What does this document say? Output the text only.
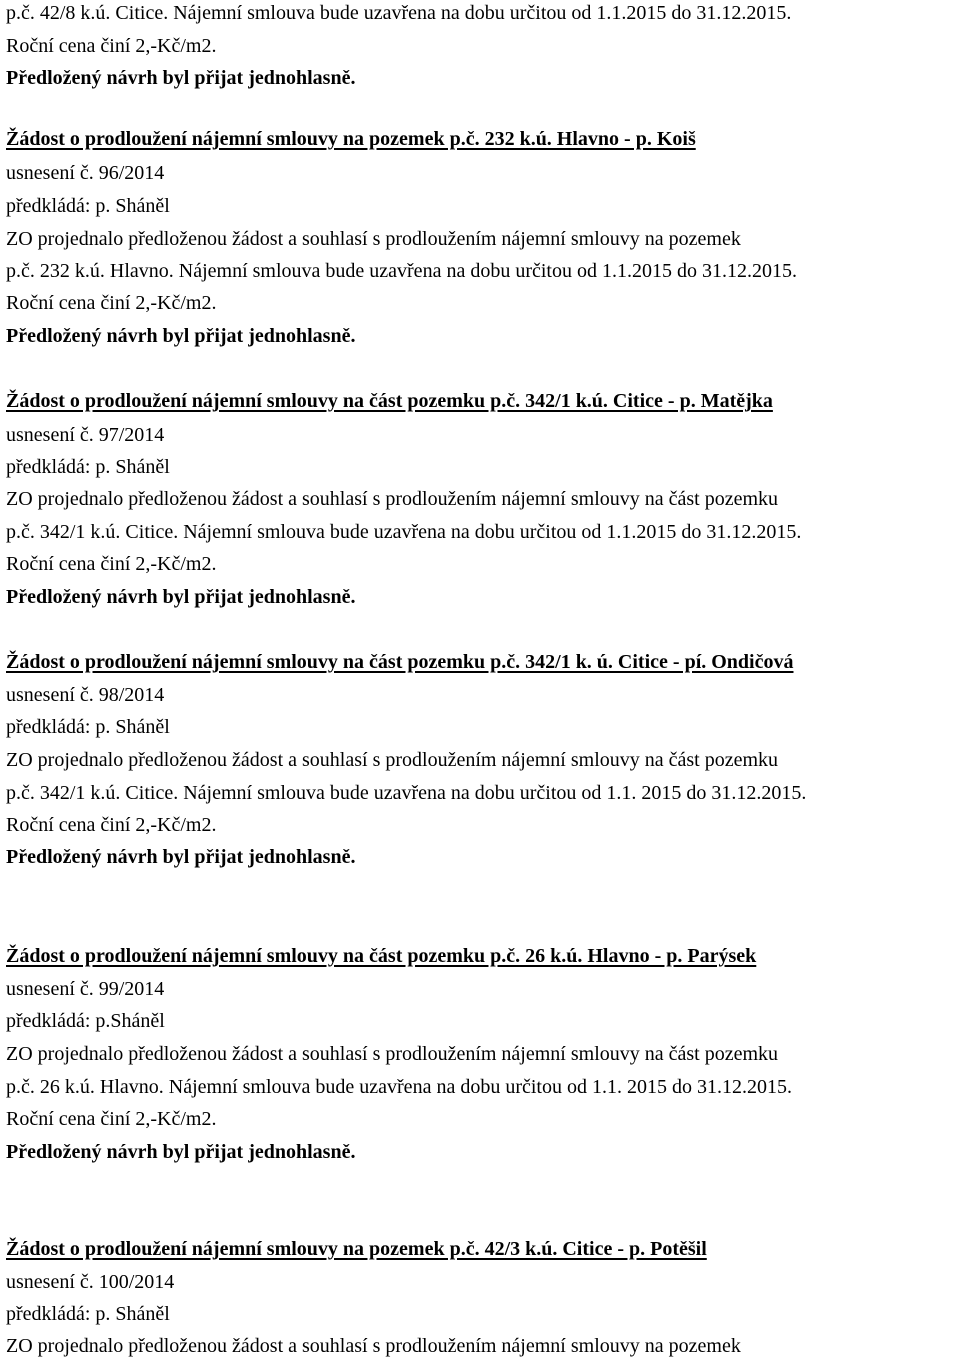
p.č. 42/8 k.ú. Citice. Nájemní smlouva bude uzavřena na dobu určitou od 1.1.2015 do 31.12.2015.
Roční cena činí 2,-Kč/m2.
Předložený návrh byl přijat jednohlasně.
Žádost o prodloužení nájemní smlouvy na pozemek p.č. 232 k.ú. Hlavno - p. Koiš
usnesení č. 96/2014
předkládá: p. Sháněl
ZO projednalo předloženou žádost a souhlasí s prodloužením nájemní smlouvy na pozemek
p.č. 232 k.ú. Hlavno. Nájemní smlouva bude uzavřena na dobu určitou od 1.1.2015 do 31.12.2015.
Roční cena činí 2,-Kč/m2.
Předložený návrh byl přijat jednohlasně.
Žádost o prodloužení nájemní smlouvy na část pozemku p.č. 342/1 k.ú. Citice - p. Matějka
usnesení č. 97/2014
předkládá: p. Sháněl
ZO projednalo předloženou žádost a souhlasí s prodloužením nájemní smlouvy na část pozemku
p.č. 342/1 k.ú. Citice. Nájemní smlouva bude uzavřena na dobu určitou od 1.1.2015 do 31.12.2015.
Roční cena činí 2,-Kč/m2.
Předložený návrh byl přijat jednohlasně.
Žádost o prodloužení nájemní smlouvy na část pozemku p.č. 342/1 k. ú. Citice - pí. Ondičová
usnesení č. 98/2014
předkládá: p. Sháněl
ZO projednalo předloženou žádost a souhlasí s prodloužením nájemní smlouvy na část pozemku
p.č. 342/1 k.ú. Citice. Nájemní smlouva bude uzavřena na dobu určitou od 1.1. 2015 do 31.12.2015.
Roční cena činí 2,-Kč/m2.
Předložený návrh byl přijat jednohlasně.
Žádost o prodloužení nájemní smlouvy na část pozemku p.č. 26 k.ú. Hlavno - p. Parýsek
usnesení č. 99/2014
předkládá: p.Sháněl
ZO projednalo předloženou žádost a souhlasí s prodloužením nájemní smlouvy na část pozemku
p.č. 26 k.ú. Hlavno. Nájemní smlouva bude uzavřena na dobu určitou od 1.1. 2015 do 31.12.2015.
Roční cena činí 2,-Kč/m2.
Předložený návrh byl přijat jednohlasně.
Žádost o prodloužení nájemní smlouvy na pozemek p.č. 42/3 k.ú. Citice - p. Potěšil
usnesení č. 100/2014
předkládá: p. Sháněl
ZO projednalo předloženou žádost a souhlasí s prodloužením nájemní smlouvy na pozemek
